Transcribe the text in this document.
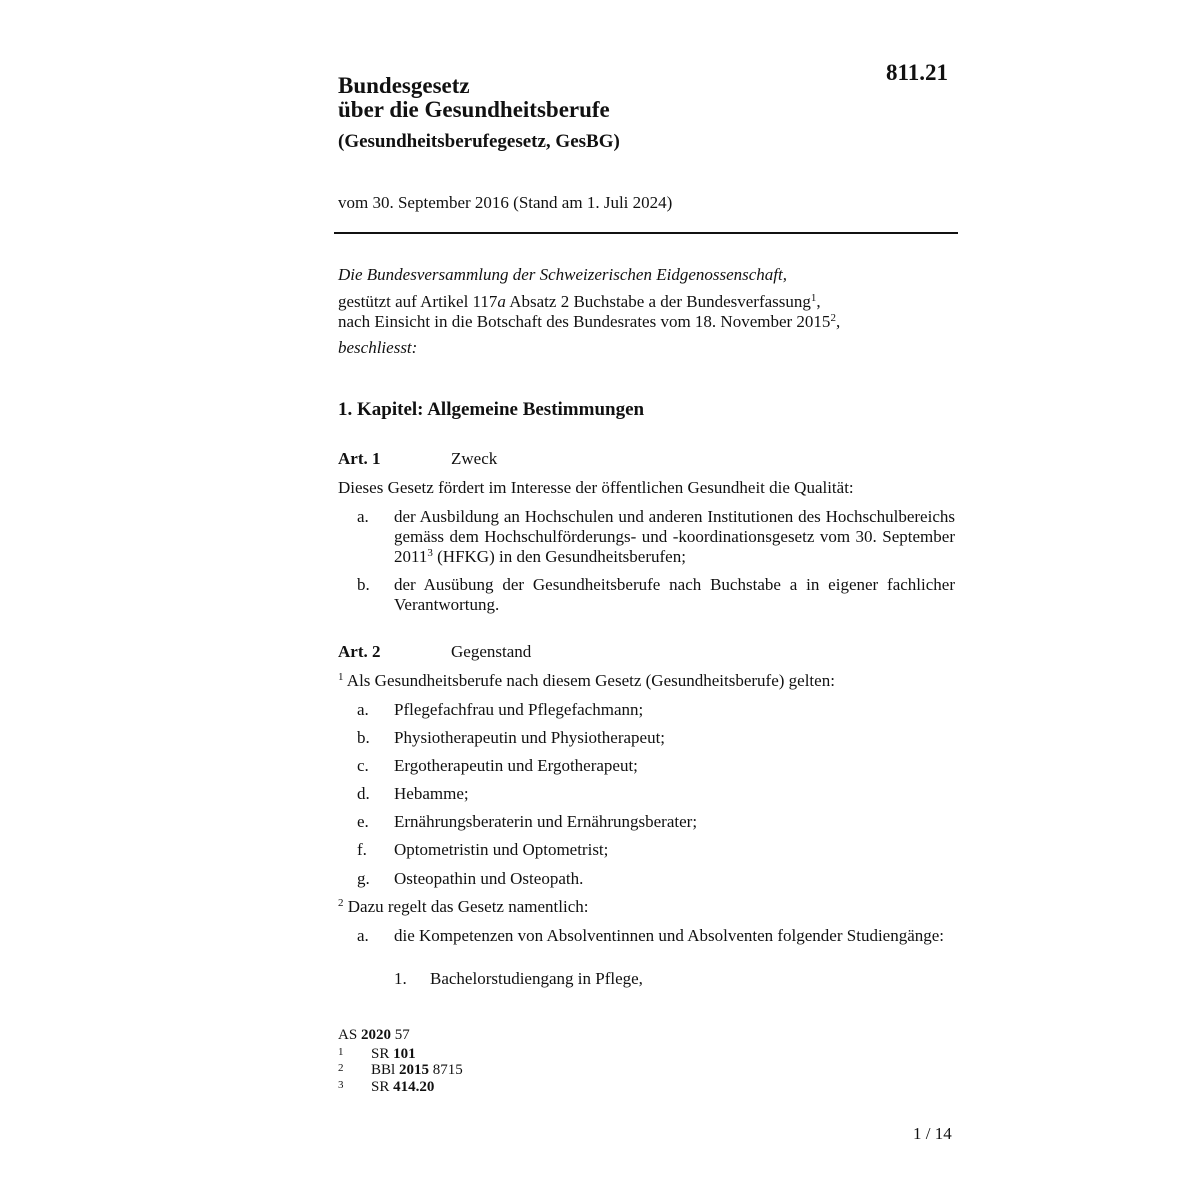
811.21
Bundesgesetz
über die Gesundheitsberufe
(Gesundheitsberufegesetz, GesBG)
vom 30. September 2016 (Stand am 1. Juli 2024)
Die Bundesversammlung der Schweizerischen Eidgenossenschaft,
gestützt auf Artikel 117a Absatz 2 Buchstabe a der Bundesverfassung$^1$,
nach Einsicht in die Botschaft des Bundesrates vom 18. November 2015$^2$,
beschliesst:
1. Kapitel: Allgemeine Bestimmungen
Art. 1	Zweck
Dieses Gesetz fördert im Interesse der öffentlichen Gesundheit die Qualität:
a. der Ausbildung an Hochschulen und anderen Institutionen des Hochschulbereichs gemäss dem Hochschulförderungs- und -koordinationsgesetz vom 30. September 2011$^3$ (HFKG) in den Gesundheitsberufen;
b. der Ausübung der Gesundheitsberufe nach Buchstabe a in eigener fachlicher Verantwortung.
Art. 2	Gegenstand
$^1$ Als Gesundheitsberufe nach diesem Gesetz (Gesundheitsberufe) gelten:
a. Pflegefachfrau und Pflegefachmann;
b. Physiotherapeutin und Physiotherapeut;
c. Ergotherapeutin und Ergotherapeut;
d. Hebamme;
e. Ernährungsberaterin und Ernährungsberater;
f. Optometristin und Optometrist;
g. Osteopathin und Osteopath.
$^2$ Dazu regelt das Gesetz namentlich:
a. die Kompetenzen von Absolventinnen und Absolventen folgender Studiengänge:
1. Bachelorstudiengang in Pflege,
AS 2020 57
1 SR 101
2 BBl 2015 8715
3 SR 414.20
1 / 14
